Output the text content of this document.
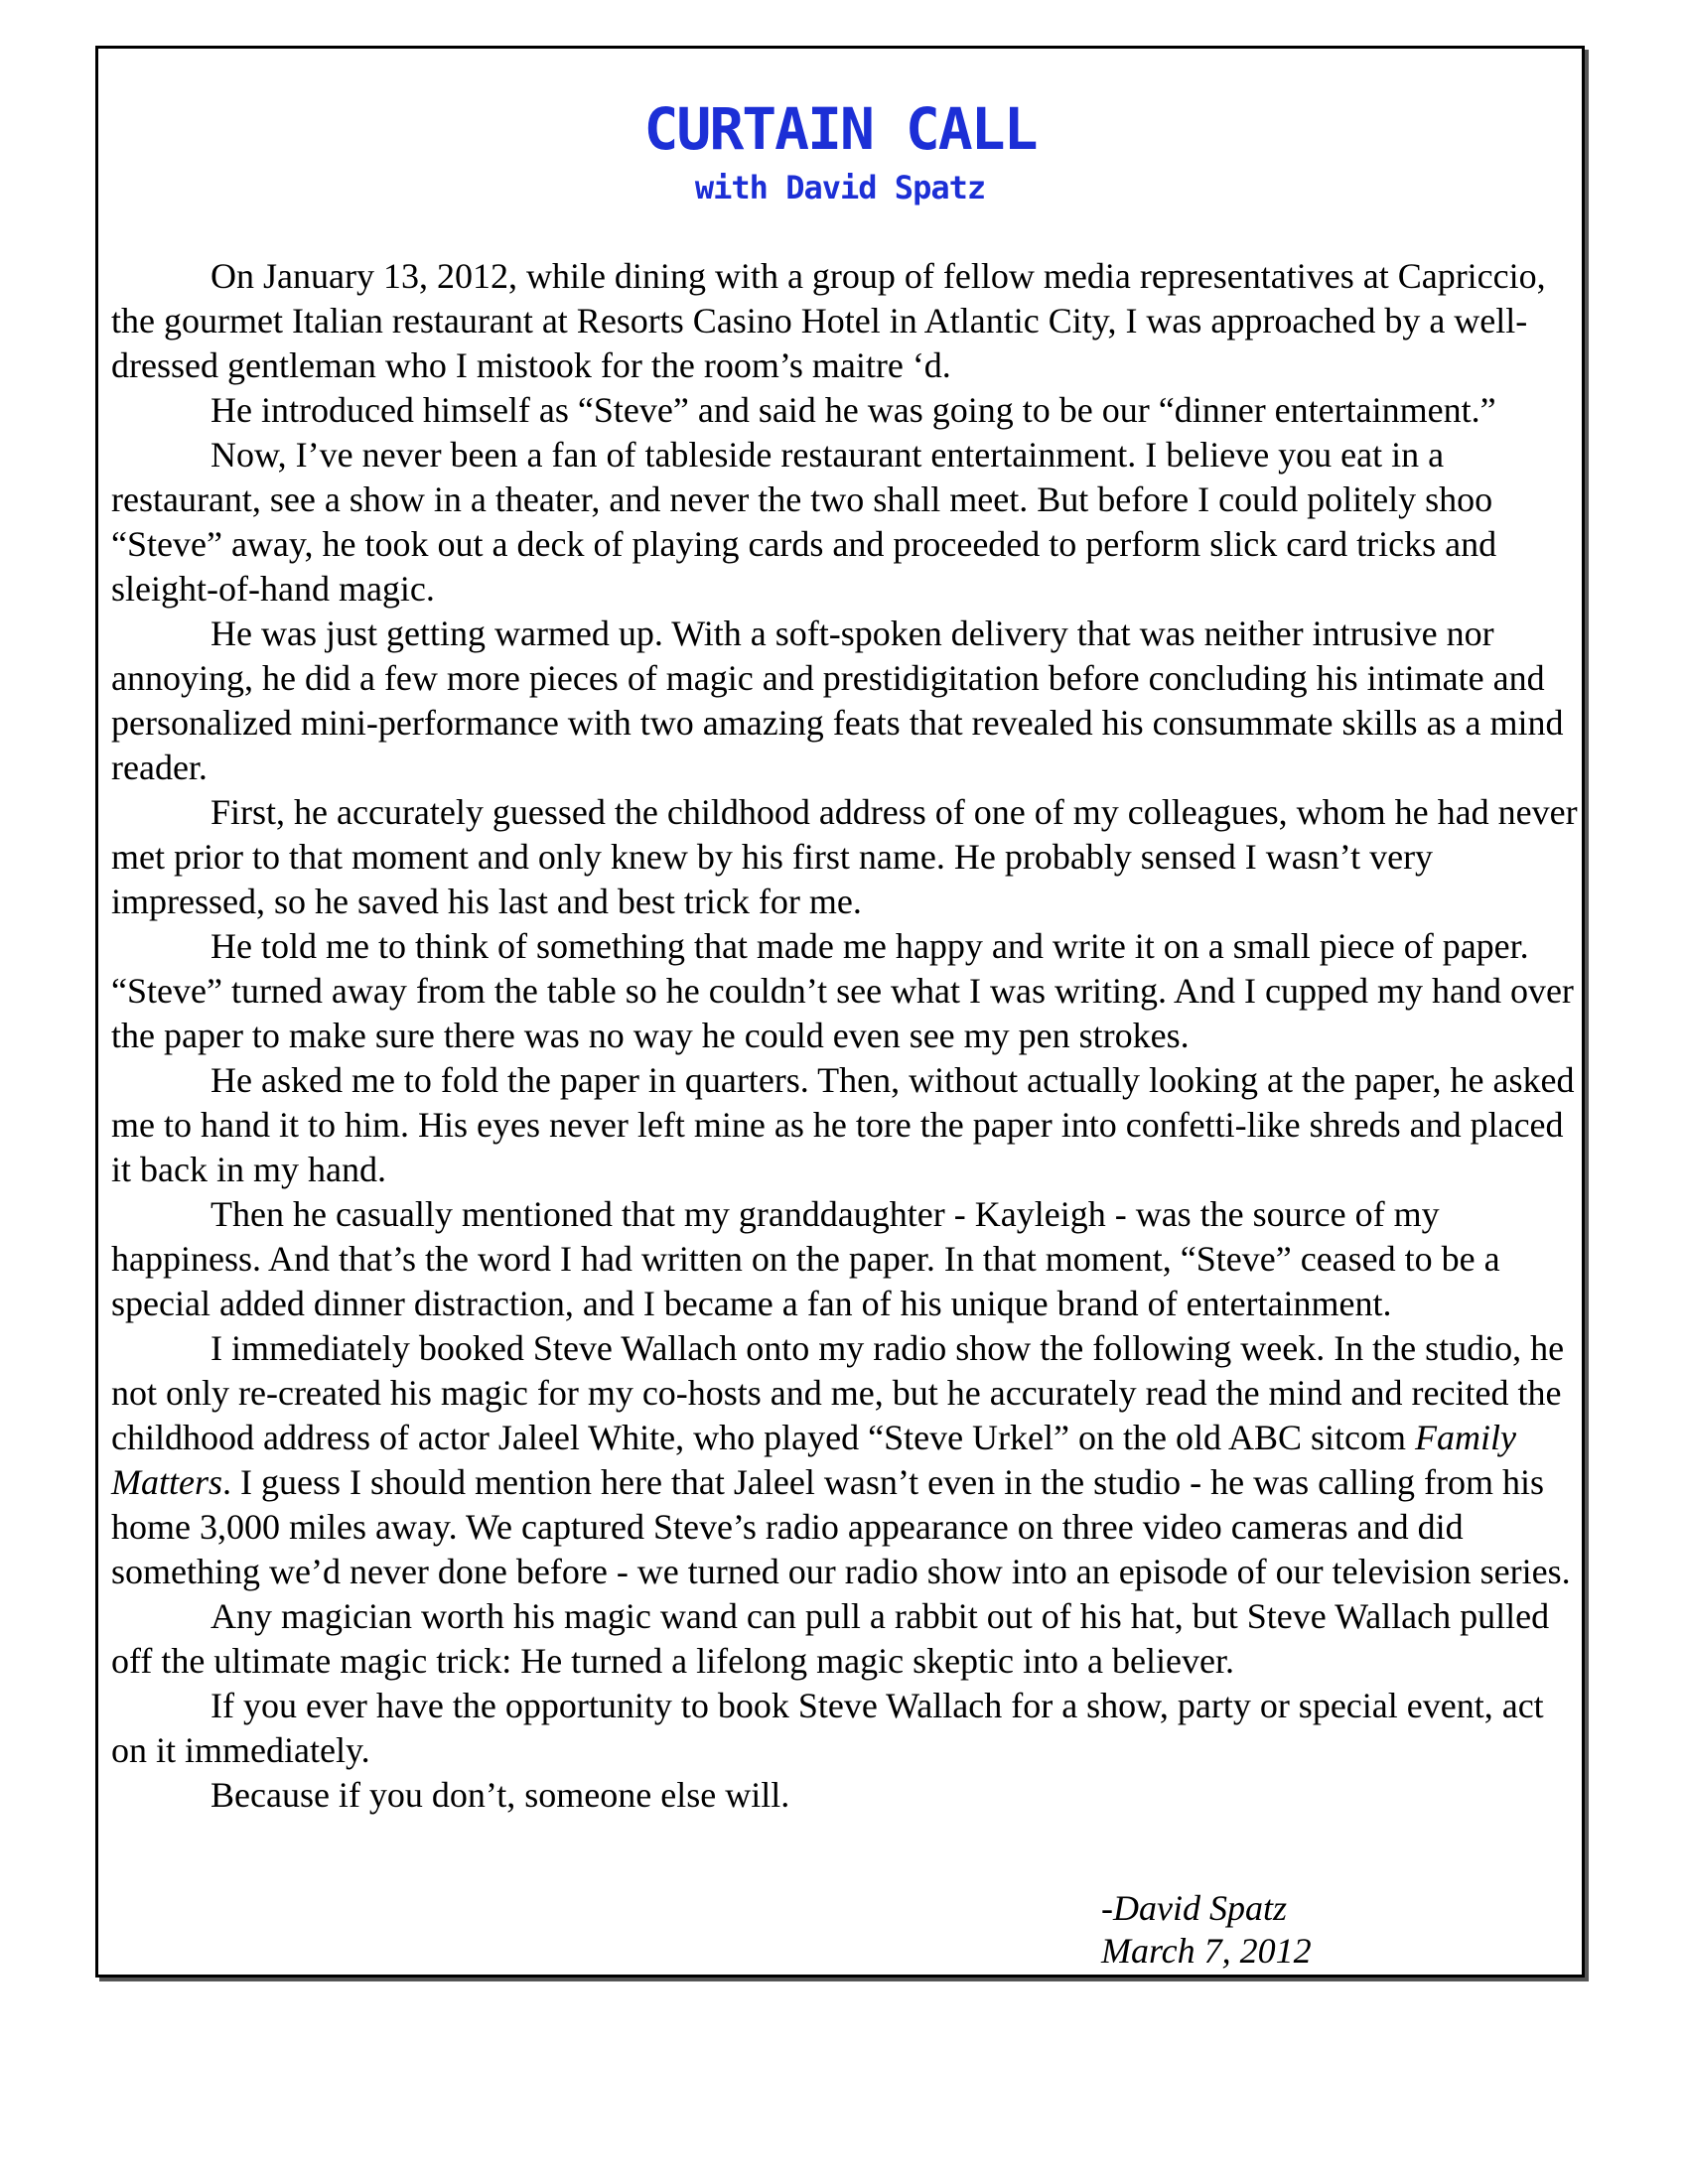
CURTAIN CALL
with David Spatz

On January 13, 2012, while dining with a group of fellow media representatives at Capriccio, the gourmet Italian restaurant at Resorts Casino Hotel in Atlantic City, I was approached by a well-dressed gentleman who I mistook for the room’s maitre ‘d.

He introduced himself as “Steve” and said he was going to be our “dinner entertainment.”

Now, I’ve never been a fan of tableside restaurant entertainment. I believe you eat in a restaurant, see a show in a theater, and never the two shall meet. But before I could politely shoo “Steve” away, he took out a deck of playing cards and proceeded to perform slick card tricks and sleight-of-hand magic.

He was just getting warmed up. With a soft-spoken delivery that was neither intrusive nor annoying, he did a few more pieces of magic and prestidigitation before concluding his intimate and personalized mini-performance with two amazing feats that revealed his consummate skills as a mind reader.

First, he accurately guessed the childhood address of one of my colleagues, whom he had never met prior to that moment and only knew by his first name. He probably sensed I wasn’t very impressed, so he saved his last and best trick for me.

He told me to think of something that made me happy and write it on a small piece of paper. “Steve” turned away from the table so he couldn’t see what I was writing. And I cupped my hand over the paper to make sure there was no way he could even see my pen strokes.

He asked me to fold the paper in quarters. Then, without actually looking at the paper, he asked me to hand it to him. His eyes never left mine as he tore the paper into confetti-like shreds and placed it back in my hand.

Then he casually mentioned that my granddaughter - Kayleigh - was the source of my happiness. And that’s the word I had written on the paper. In that moment, “Steve” ceased to be a special added dinner distraction, and I became a fan of his unique brand of entertainment.

I immediately booked Steve Wallach onto my radio show the following week. In the studio, he not only re-created his magic for my co-hosts and me, but he accurately read the mind and recited the childhood address of actor Jaleel White, who played “Steve Urkel” on the old ABC sitcom Family Matters. I guess I should mention here that Jaleel wasn’t even in the studio - he was calling from his home 3,000 miles away. We captured Steve’s radio appearance on three video cameras and did something we’d never done before - we turned our radio show into an episode of our television series.

Any magician worth his magic wand can pull a rabbit out of his hat, but Steve Wallach pulled off the ultimate magic trick: He turned a lifelong magic skeptic into a believer.

If you ever have the opportunity to book Steve Wallach for a show, party or special event, act on it immediately.

Because if you don’t, someone else will.

-David Spatz
March 7, 2012
